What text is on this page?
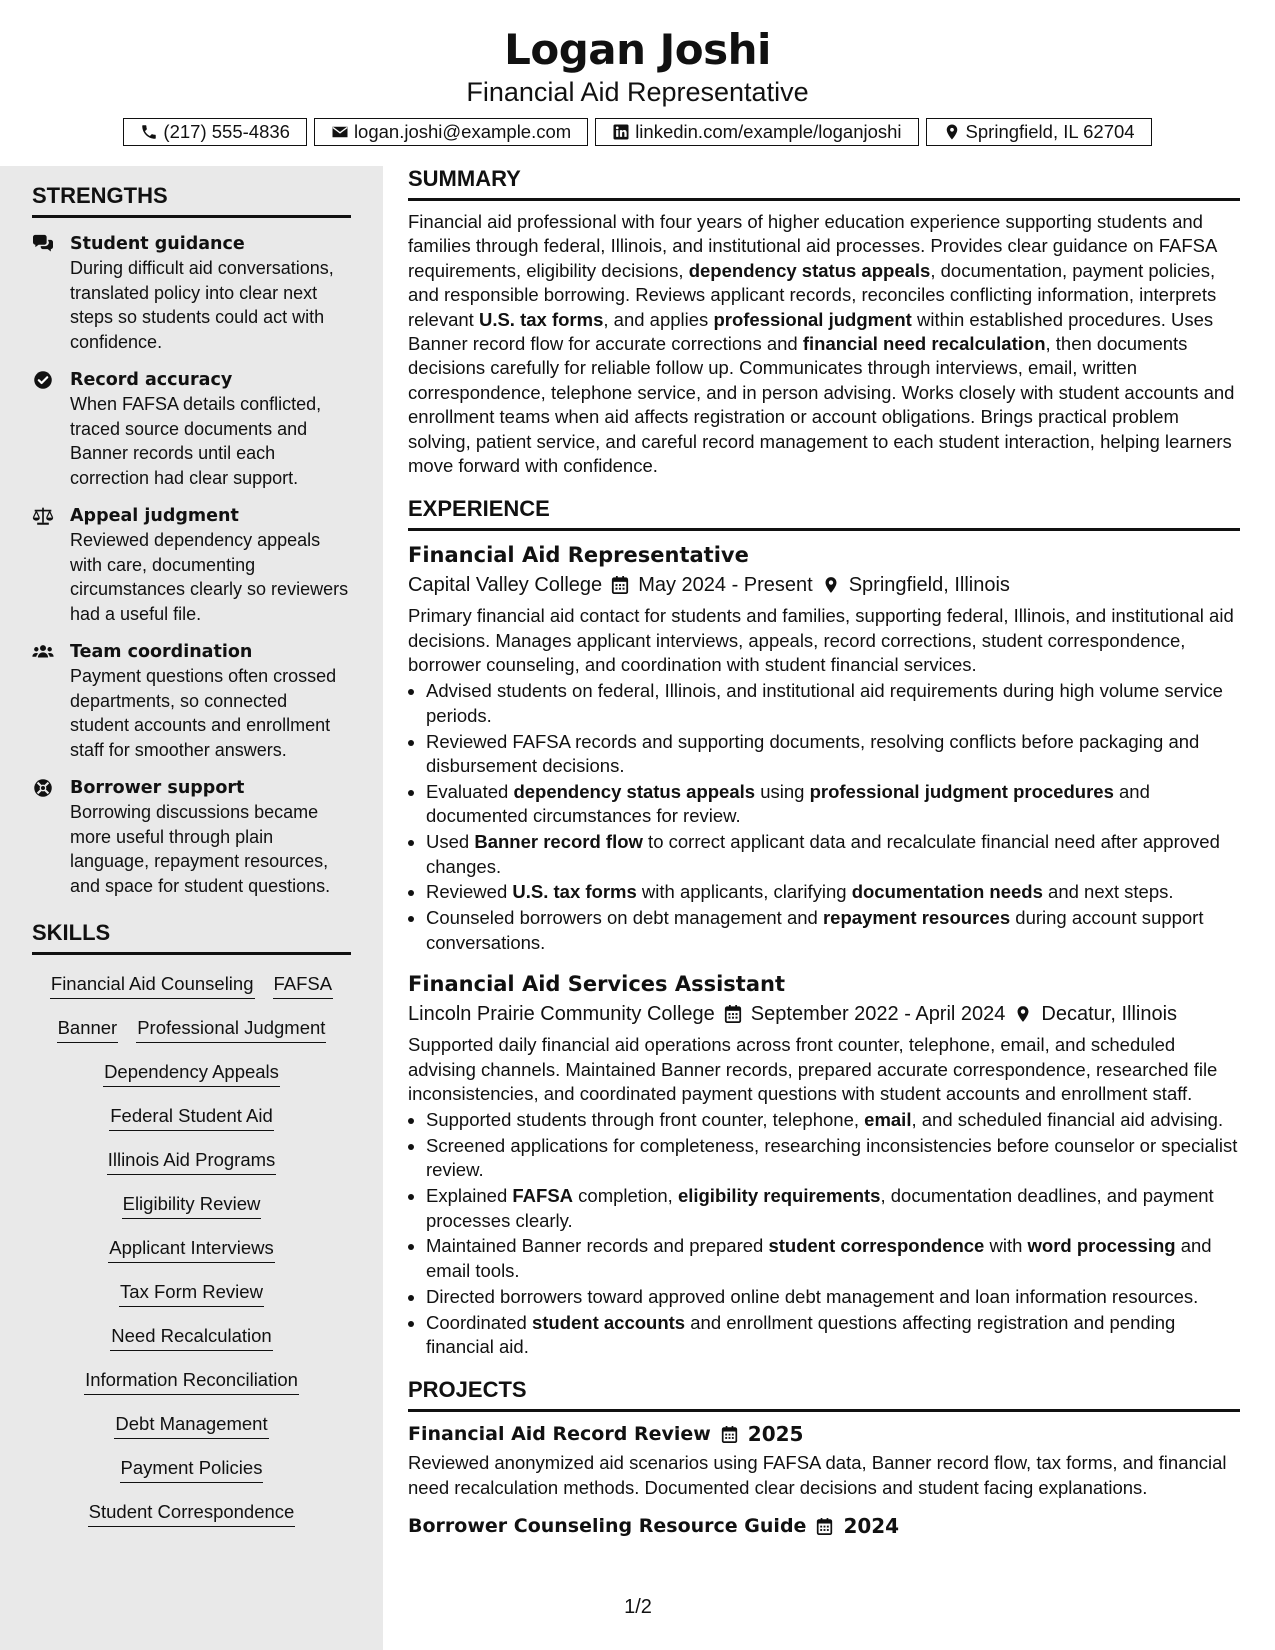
Logan Joshi
Financial Aid Representative
(217) 555-4836	logan.joshi@example.com	linkedin.com/example/loganjoshi	Springfield, IL 62704
STRENGTHS
Student guidance
During difficult aid conversations, translated policy into clear next steps so students could act with confidence.
Record accuracy
When FAFSA details conflicted, traced source documents and Banner records until each correction had clear support.
Appeal judgment
Reviewed dependency appeals with care, documenting circumstances clearly so reviewers had a useful file.
Team coordination
Payment questions often crossed departments, so connected student accounts and enrollment staff for smoother answers.
Borrower support
Borrowing discussions became more useful through plain language, repayment resources, and space for student questions.
SKILLS
Financial Aid Counseling FAFSA
Banner Professional Judgment
Dependency Appeals
Federal Student Aid
Illinois Aid Programs
Eligibility Review
Applicant Interviews
Tax Form Review
Need Recalculation
Information Reconciliation
Debt Management
Payment Policies
Student Correspondence
SUMMARY
Financial aid professional with four years of higher education experience supporting students and families through federal, Illinois, and institutional aid processes. Provides clear guidance on FAFSA requirements, eligibility decisions, dependency status appeals, documentation, payment policies, and responsible borrowing. Reviews applicant records, reconciles conflicting information, interprets relevant U.S. tax forms, and applies professional judgment within established procedures. Uses Banner record flow for accurate corrections and financial need recalculation, then documents decisions carefully for reliable follow up. Communicates through interviews, email, written correspondence, telephone service, and in person advising. Works closely with student accounts and enrollment teams when aid affects registration or account obligations. Brings practical problem solving, patient service, and careful record management to each student interaction, helping learners move forward with confidence.
EXPERIENCE
Financial Aid Representative
Capital Valley College May 2024 - Present Springfield, Illinois
Primary financial aid contact for students and families, supporting federal, Illinois, and institutional aid decisions. Manages applicant interviews, appeals, record corrections, student correspondence, borrower counseling, and coordination with student financial services.
• Advised students on federal, Illinois, and institutional aid requirements during high volume service periods.
• Reviewed FAFSA records and supporting documents, resolving conflicts before packaging and disbursement decisions.
• Evaluated dependency status appeals using professional judgment procedures and documented circumstances for review.
• Used Banner record flow to correct applicant data and recalculate financial need after approved changes.
• Reviewed U.S. tax forms with applicants, clarifying documentation needs and next steps.
• Counseled borrowers on debt management and repayment resources during account support conversations.
Financial Aid Services Assistant
Lincoln Prairie Community College September 2022 - April 2024 Decatur, Illinois
Supported daily financial aid operations across front counter, telephone, email, and scheduled advising channels. Maintained Banner records, prepared accurate correspondence, researched file inconsistencies, and coordinated payment questions with student accounts and enrollment staff.
• Supported students through front counter, telephone, email, and scheduled financial aid advising.
• Screened applications for completeness, researching inconsistencies before counselor or specialist review.
• Explained FAFSA completion, eligibility requirements, documentation deadlines, and payment processes clearly.
• Maintained Banner records and prepared student correspondence with word processing and email tools.
• Directed borrowers toward approved online debt management and loan information resources.
• Coordinated student accounts and enrollment questions affecting registration and pending financial aid.
PROJECTS
Financial Aid Record Review 2025
Reviewed anonymized aid scenarios using FAFSA data, Banner record flow, tax forms, and financial need recalculation methods. Documented clear decisions and student facing explanations.
Borrower Counseling Resource Guide 2024
1/2
